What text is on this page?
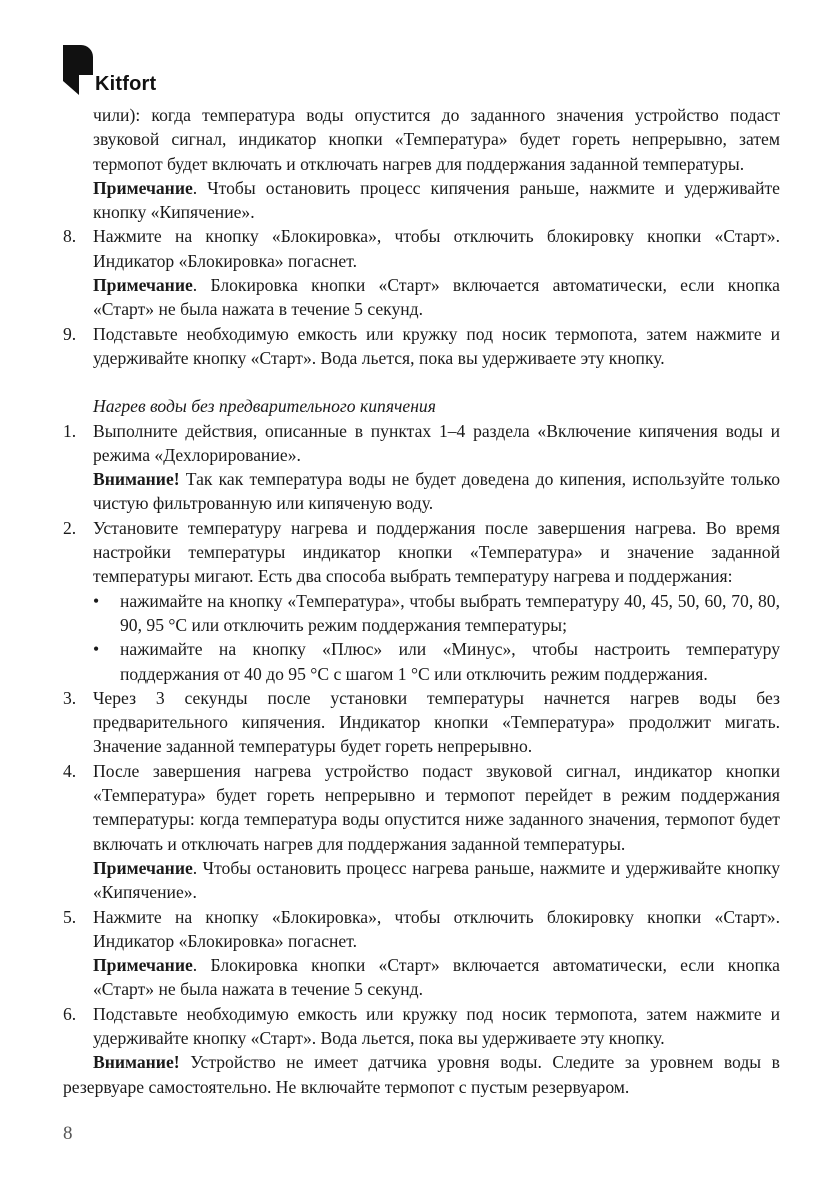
Kitfort

чили): когда температура воды опустится до заданного значения устройство подаст звуковой сигнал, индикатор кнопки «Температура» будет гореть непрерывно, затем термопот будет включать и отключать нагрев для поддержания заданной температуры.

Примечание. Чтобы остановить процесс кипячения раньше, нажмите и удерживайте кнопку «Кипячение».

8. Нажмите на кнопку «Блокировка», чтобы отключить блокировку кнопки «Старт». Индикатор «Блокировка» погаснет.

Примечание. Блокировка кнопки «Старт» включается автоматически, если кнопка «Старт» не была нажата в течение 5 секунд.

9. Подставьте необходимую емкость или кружку под носик термопота, затем нажмите и удерживайте кнопку «Старт». Вода льется, пока вы удерживаете эту кнопку.

Нагрев воды без предварительного кипячения

1. Выполните действия, описанные в пунктах 1–4 раздела «Включение кипячения воды и режима «Дехлорирование».

Внимание! Так как температура воды не будет доведена до кипения, используйте только чистую фильтрованную или кипяченую воду.

2. Установите температуру нагрева и поддержания после завершения нагрева. Во время настройки температуры индикатор кнопки «Температура» и значение заданной температуры мигают. Есть два способа выбрать температуру нагрева и поддержания:

• нажимайте на кнопку «Температура», чтобы выбрать температуру 40, 45, 50, 60, 70, 80, 90, 95 °C или отключить режим поддержания температуры;

• нажимайте на кнопку «Плюс» или «Минус», чтобы настроить температуру поддержания от 40 до 95 °C с шагом 1 °C или отключить режим поддержания.

3. Через 3 секунды после установки температуры начнется нагрев воды без предварительного кипячения. Индикатор кнопки «Температура» продолжит мигать. Значение заданной температуры будет гореть непрерывно.

4. После завершения нагрева устройство подаст звуковой сигнал, индикатор кнопки «Температура» будет гореть непрерывно и термопот перейдет в режим поддержания температуры: когда температура воды опустится ниже заданного значения, термопот будет включать и отключать нагрев для поддержания заданной температуры.

Примечание. Чтобы остановить процесс нагрева раньше, нажмите и удерживайте кнопку «Кипячение».

5. Нажмите на кнопку «Блокировка», чтобы отключить блокировку кнопки «Старт». Индикатор «Блокировка» погаснет.

Примечание. Блокировка кнопки «Старт» включается автоматически, если кнопка «Старт» не была нажата в течение 5 секунд.

6. Подставьте необходимую емкость или кружку под носик термопота, затем нажмите и удерживайте кнопку «Старт». Вода льется, пока вы удерживаете эту кнопку.

Внимание! Устройство не имеет датчика уровня воды. Следите за уровнем воды в резервуаре самостоятельно. Не включайте термопот с пустым резервуаром.

8
